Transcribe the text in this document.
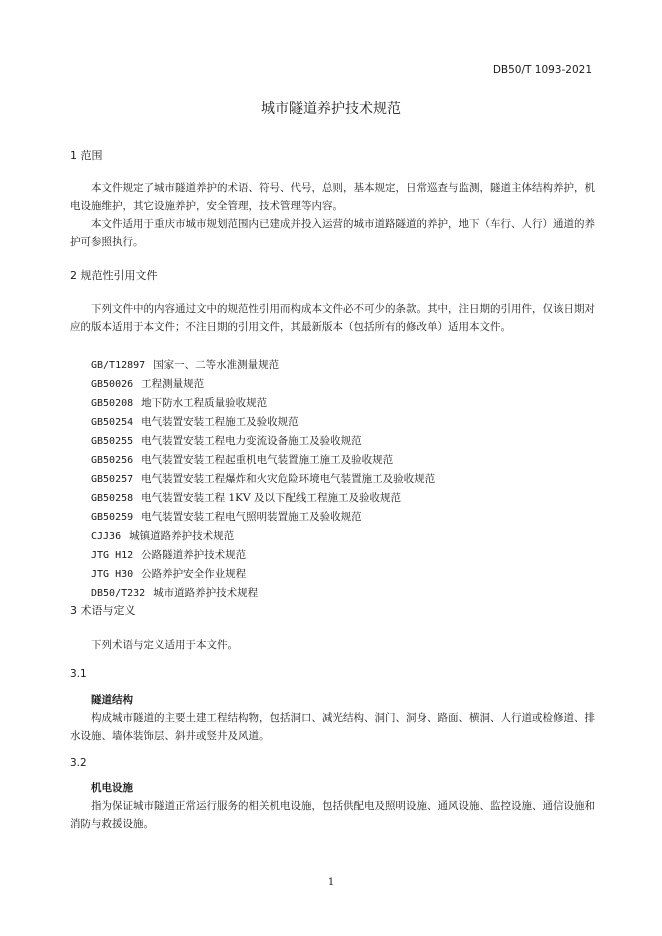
DB50/T 1093-2021
城市隧道养护技术规范
1 范围
本文件规定了城市隧道养护的术语、符号、代号，总则，基本规定，日常巡查与监测，隧道主体结构养护，机电设施维护，其它设施养护，安全管理，技术管理等内容。
本文件适用于重庆市城市规划范围内已建成并投入运营的城市道路隧道的养护，地下（车行、人行）通道的养护可参照执行。
2 规范性引用文件
下列文件中的内容通过文中的规范性引用而构成本文件必不可少的条款。其中，注日期的引用件，仅该日期对应的版本适用于本文件；不注日期的引用文件，其最新版本（包括所有的修改单）适用本文件。
GB/T12897 国家一、二等水准测量规范
GB50026 工程测量规范
GB50208 地下防水工程质量验收规范
GB50254 电气装置安装工程施工及验收规范
GB50255 电气装置安装工程电力变流设备施工及验收规范
GB50256 电气装置安装工程起重机电气装置施工施工及验收规范
GB50257 电气装置安装工程爆炸和火灾危险环境电气装置施工及验收规范
GB50258 电气装置安装工程 1KV 及以下配线工程施工及验收规范
GB50259 电气装置安装工程电气照明装置施工及验收规范
CJJ36 城镇道路养护技术规范
JTG H12 公路隧道养护技术规范
JTG H30 公路养护安全作业规程
DB50/T232 城市道路养护技术规程
3 术语与定义
下列术语与定义适用于本文件。
3.1
隧道结构
构成城市隧道的主要土建工程结构物，包括洞口、减光结构、洞门、洞身、路面、横洞、人行道或检修道、排水设施、墙体装饰层、斜井或竖井及风道。
3.2
机电设施
指为保证城市隧道正常运行服务的相关机电设施，包括供配电及照明设施、通风设施、监控设施、通信设施和消防与救援设施。
1
